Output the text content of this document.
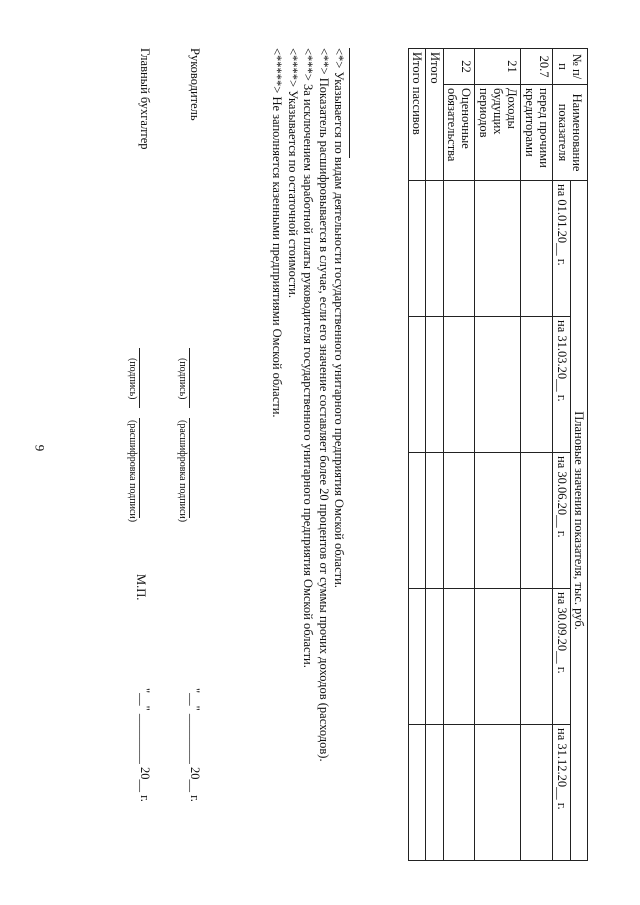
9
№ п/п	Наименование показателя	Плановые значения показателя, тыс. руб.				
		на 01.01.20__ г.	на 31.03.20__ г.	на 30.06.20__ г.	на 30.09.20__ г.	на 31.12.20__ г.
20.7	перед прочими кредиторами					
21	Доходы будущих периодов					
22	Оценочные обязательства					
Итого						
Итого пассивов						

<*> Указывается по видам деятельности государственного унитарного предприятия Омской области.

<**> Показатель расшифровывается в случае, если его значение составляет более 20 процентов от суммы прочих доходов (расходов).

<***> За исключением заработной платы руководителя государственного унитарного предприятия Омской области.

<****> Указывается по остаточной стоимости.

<*****> Не заполняется казенными предприятиями Омской области.

Руководитель
(подпись)
(расшифровка подписи)
"__" ________ 20__ г.
Главный бухгалтер
(подпись)
(расшифровка подписи)
"__" ________ 20__ г.
М.П.
